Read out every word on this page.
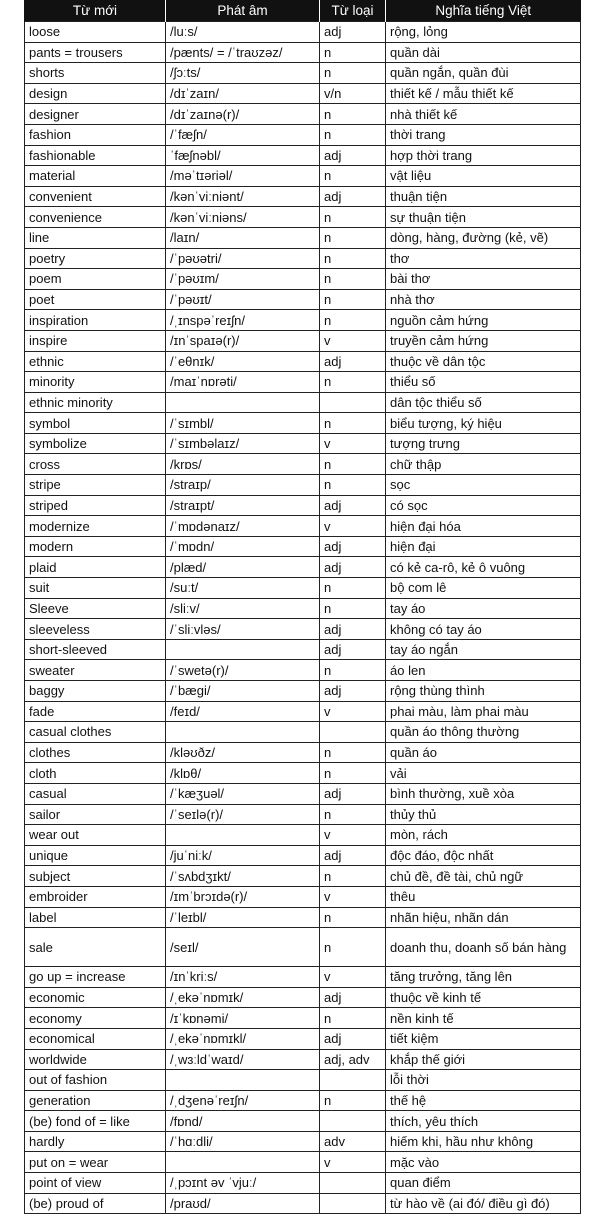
Từ mới	Phát âm	Từ loại	Nghĩa tiếng Việt
loose	/luːs/	adj	rộng, lỏng
pants = trousers	/pænts/ = /ˈtraʊzəz/	n	quần dài
shorts	/ʃɔːts/	n	quần ngắn, quần đùi
design	/dɪˈzaɪn/	v/n	thiết kế / mẫu thiết kế
designer	/dɪˈzaɪnə(r)/	n	nhà thiết kế
fashion	/ˈfæʃn/	n	thời trang
fashionable	ˈfæʃnəbl/	adj	hợp thời trang
material	/məˈtɪəriəl/	n	vật liệu
convenient	/kənˈviːniənt/	adj	thuận tiện
convenience	/kənˈviːniəns/	n	sự thuận tiện
line	/laɪn/	n	dòng, hàng, đường (kẻ, vẽ)
poetry	/ˈpəʊətri/	n	thơ
poem	/ˈpəʊɪm/	n	bài thơ
poet	/ˈpəʊɪt/	n	nhà thơ
inspiration	/ˌɪnspəˈreɪʃn/	n	nguồn cảm hứng
inspire	/ɪnˈspaɪə(r)/	v	truyền cảm hứng
ethnic	/ˈeθnɪk/	adj	thuộc về dân tộc
minority	/maɪˈnɒrəti/	n	thiểu số
ethnic minority			dân tộc thiểu số
symbol	/ˈsɪmbl/	n	biểu tượng, ký hiệu
symbolize	/ˈsɪmbəlaɪz/	v	tượng trưng
cross	/krɒs/	n	chữ thập
stripe	/straɪp/	n	sọc
striped	/straɪpt/	adj	có sọc
modernize	/ˈmɒdənaɪz/	v	hiện đại hóa
modern	/ˈmɒdn/	adj	hiện đại
plaid	/plæd/	adj	có kẻ ca-rô, kẻ ô vuông
suit	/suːt/	n	bộ com lê
Sleeve	/sliːv/	n	tay áo
sleeveless	/ˈsliːvləs/	adj	không có tay áo
short-sleeved		adj	tay áo ngắn
sweater	/ˈswetə(r)/	n	áo len
baggy	/ˈbæɡi/	adj	rộng thùng thình
fade	/feɪd/	v	phai màu, làm phai màu
casual clothes			quần áo thông thường
clothes	/kləʊðz/	n	quần áo
cloth	/klɒθ/	n	vải
casual	/ˈkæʒuəl/	adj	bình thường, xuề xòa
sailor	/ˈseɪlə(r)/	n	thủy thủ
wear out		v	mòn, rách
unique	/juˈniːk/	adj	độc đáo, độc nhất
subject	/ˈsʌbdʒɪkt/	n	chủ đề, đề tài, chủ ngữ
embroider	/ɪmˈbrɔɪdə(r)/	v	thêu
label	/ˈleɪbl/	n	nhãn hiệu, nhãn dán
sale	/seɪl/	n	doanh thu, doanh số bán hàng
go up = increase	/ɪnˈkriːs/	v	tăng trưởng, tăng lên
economic	/ˌekəˈnɒmɪk/	adj	thuộc về kinh tế
economy	/ɪˈkɒnəmi/	n	nền kinh tế
economical	/ˌekəˈnɒmɪkl/	adj	tiết kiệm
worldwide	/ˌwɜːldˈwaɪd/	adj, adv	khắp thế giới
out of fashion			lỗi thời
generation	/ˌdʒenəˈreɪʃn/	n	thế hệ
(be) fond of = like	/fɒnd/		thích, yêu thích
hardly	/ˈhɑːdli/	adv	hiếm khi, hầu như không
put on = wear		v	mặc vào
point of view	/ˌpɔɪnt əv ˈvjuː/		quan điểm
(be) proud of	/praʊd/		từ hào về (ai đó/ điều gì đó)
